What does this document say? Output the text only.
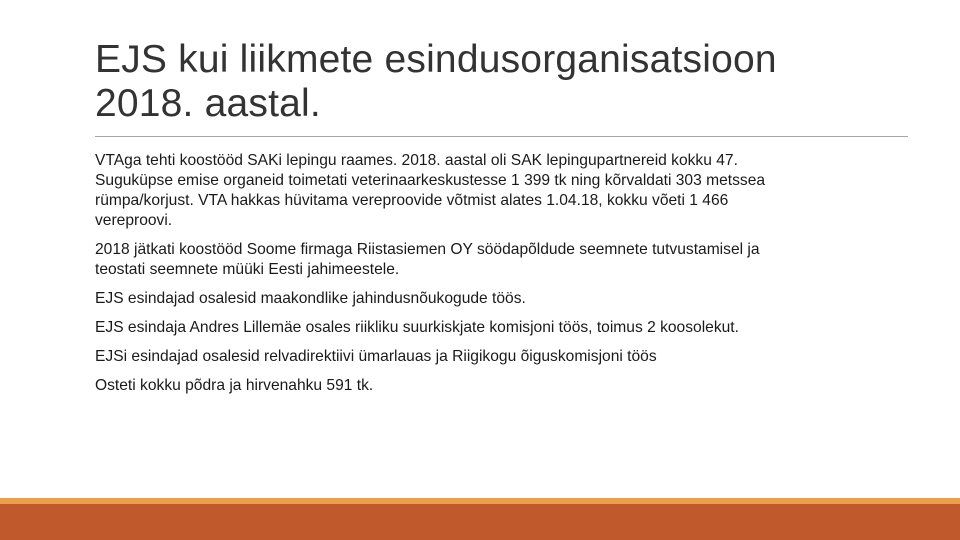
EJS kui liikmete esindusorganisatsioon
2018. aastal.

VTAga tehti koostööd SAKi lepingu raames. 2018. aastal oli SAK lepingupartnereid kokku 47.
Suguküpse emise organeid toimetati veterinaarkeskustesse 1 399 tk ning kõrvaldati 303 metssea
rümpa/korjust. VTA hakkas hüvitama vereproovide võtmist alates 1.04.18, kokku võeti 1 466
vereproovi.

2018 jätkati koostööd Soome firmaga Riistasiemen OY söödapõldude seemnete tutvustamisel ja
teostati seemnete müüki Eesti jahimeestele.

EJS esindajad osalesid maakondlike jahindusnõukogude töös.

EJS esindaja Andres Lillemäe osales riikliku suurkiskjate komisjoni töös, toimus 2 koosolekut.

EJSi esindajad osalesid relvadirektiivi ümarlauas ja Riigikogu õiguskomisjoni töös

Osteti kokku põdra ja hirvenahku 591 tk.
